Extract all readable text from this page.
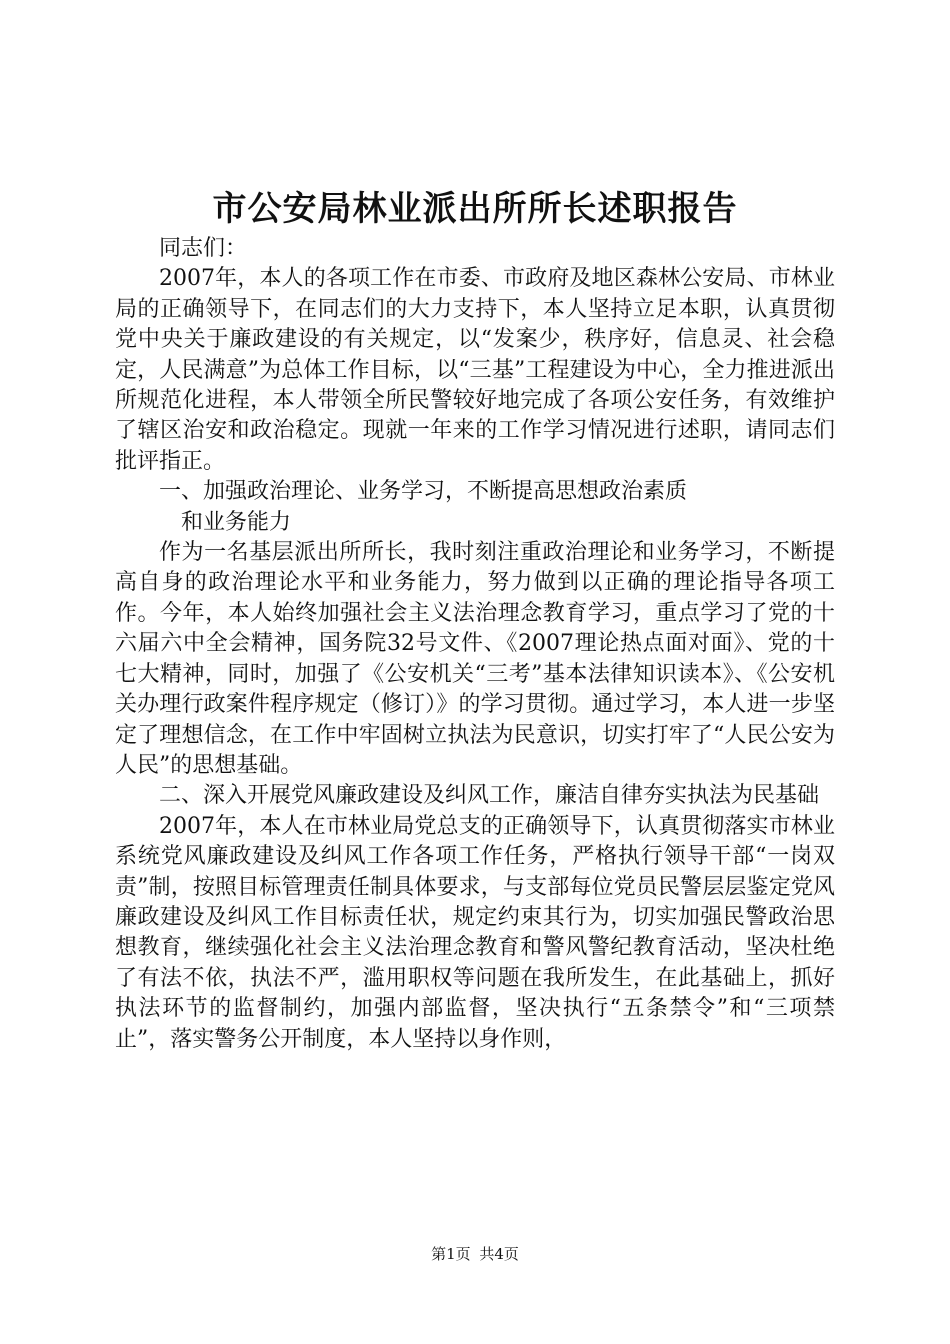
市公安局林业派出所所长述职报告

同志们：

2007年，本人的各项工作在市委、市政府及地区森林公安局、市林业局的正确领导下，在同志们的大力支持下，本人坚持立足本职，认真贯彻党中央关于廉政建设的有关规定，以“发案少，秩序好，信息灵、社会稳定，人民满意”为总体工作目标，以“三基”工程建设为中心，全力推进派出所规范化进程，本人带领全所民警较好地完成了各项公安任务，有效维护了辖区治安和政治稳定。现就一年来的工作学习情况进行述职，请同志们批评指正。

一、加强政治理论、业务学习，不断提高思想政治素质

和业务能力

作为一名基层派出所所长，我时刻注重政治理论和业务学习，不断提高自身的政治理论水平和业务能力，努力做到以正确的理论指导各项工作。今年，本人始终加强社会主义法治理念教育学习，重点学习了党的十六届六中全会精神，国务院32号文件、《2007理论热点面对面》、党的十七大精神，同时，加强了《公安机关“三考”基本法律知识读本》、《公安机关办理行政案件程序规定（修订）》的学习贯彻。通过学习，本人进一步坚定了理想信念，在工作中牢固树立执法为民意识，切实打牢了“人民公安为人民”的思想基础。

二、深入开展党风廉政建设及纠风工作，廉洁自律夯实执法为民基础

2007年，本人在市林业局党总支的正确领导下，认真贯彻落实市林业系统党风廉政建设及纠风工作各项工作任务，严格执行领导干部“一岗双责”制，按照目标管理责任制具体要求，与支部每位党员民警层层鉴定党风廉政建设及纠风工作目标责任状，规定约束其行为，切实加强民警政治思想教育，继续强化社会主义法治理念教育和警风警纪教育活动，坚决杜绝了有法不依，执法不严，滥用职权等问题在我所发生，在此基础上，抓好执法环节的监督制约，加强内部监督，坚决执行“五条禁令”和“三项禁止”，落实警务公开制度，本人坚持以身作则，

第1页 共4页
